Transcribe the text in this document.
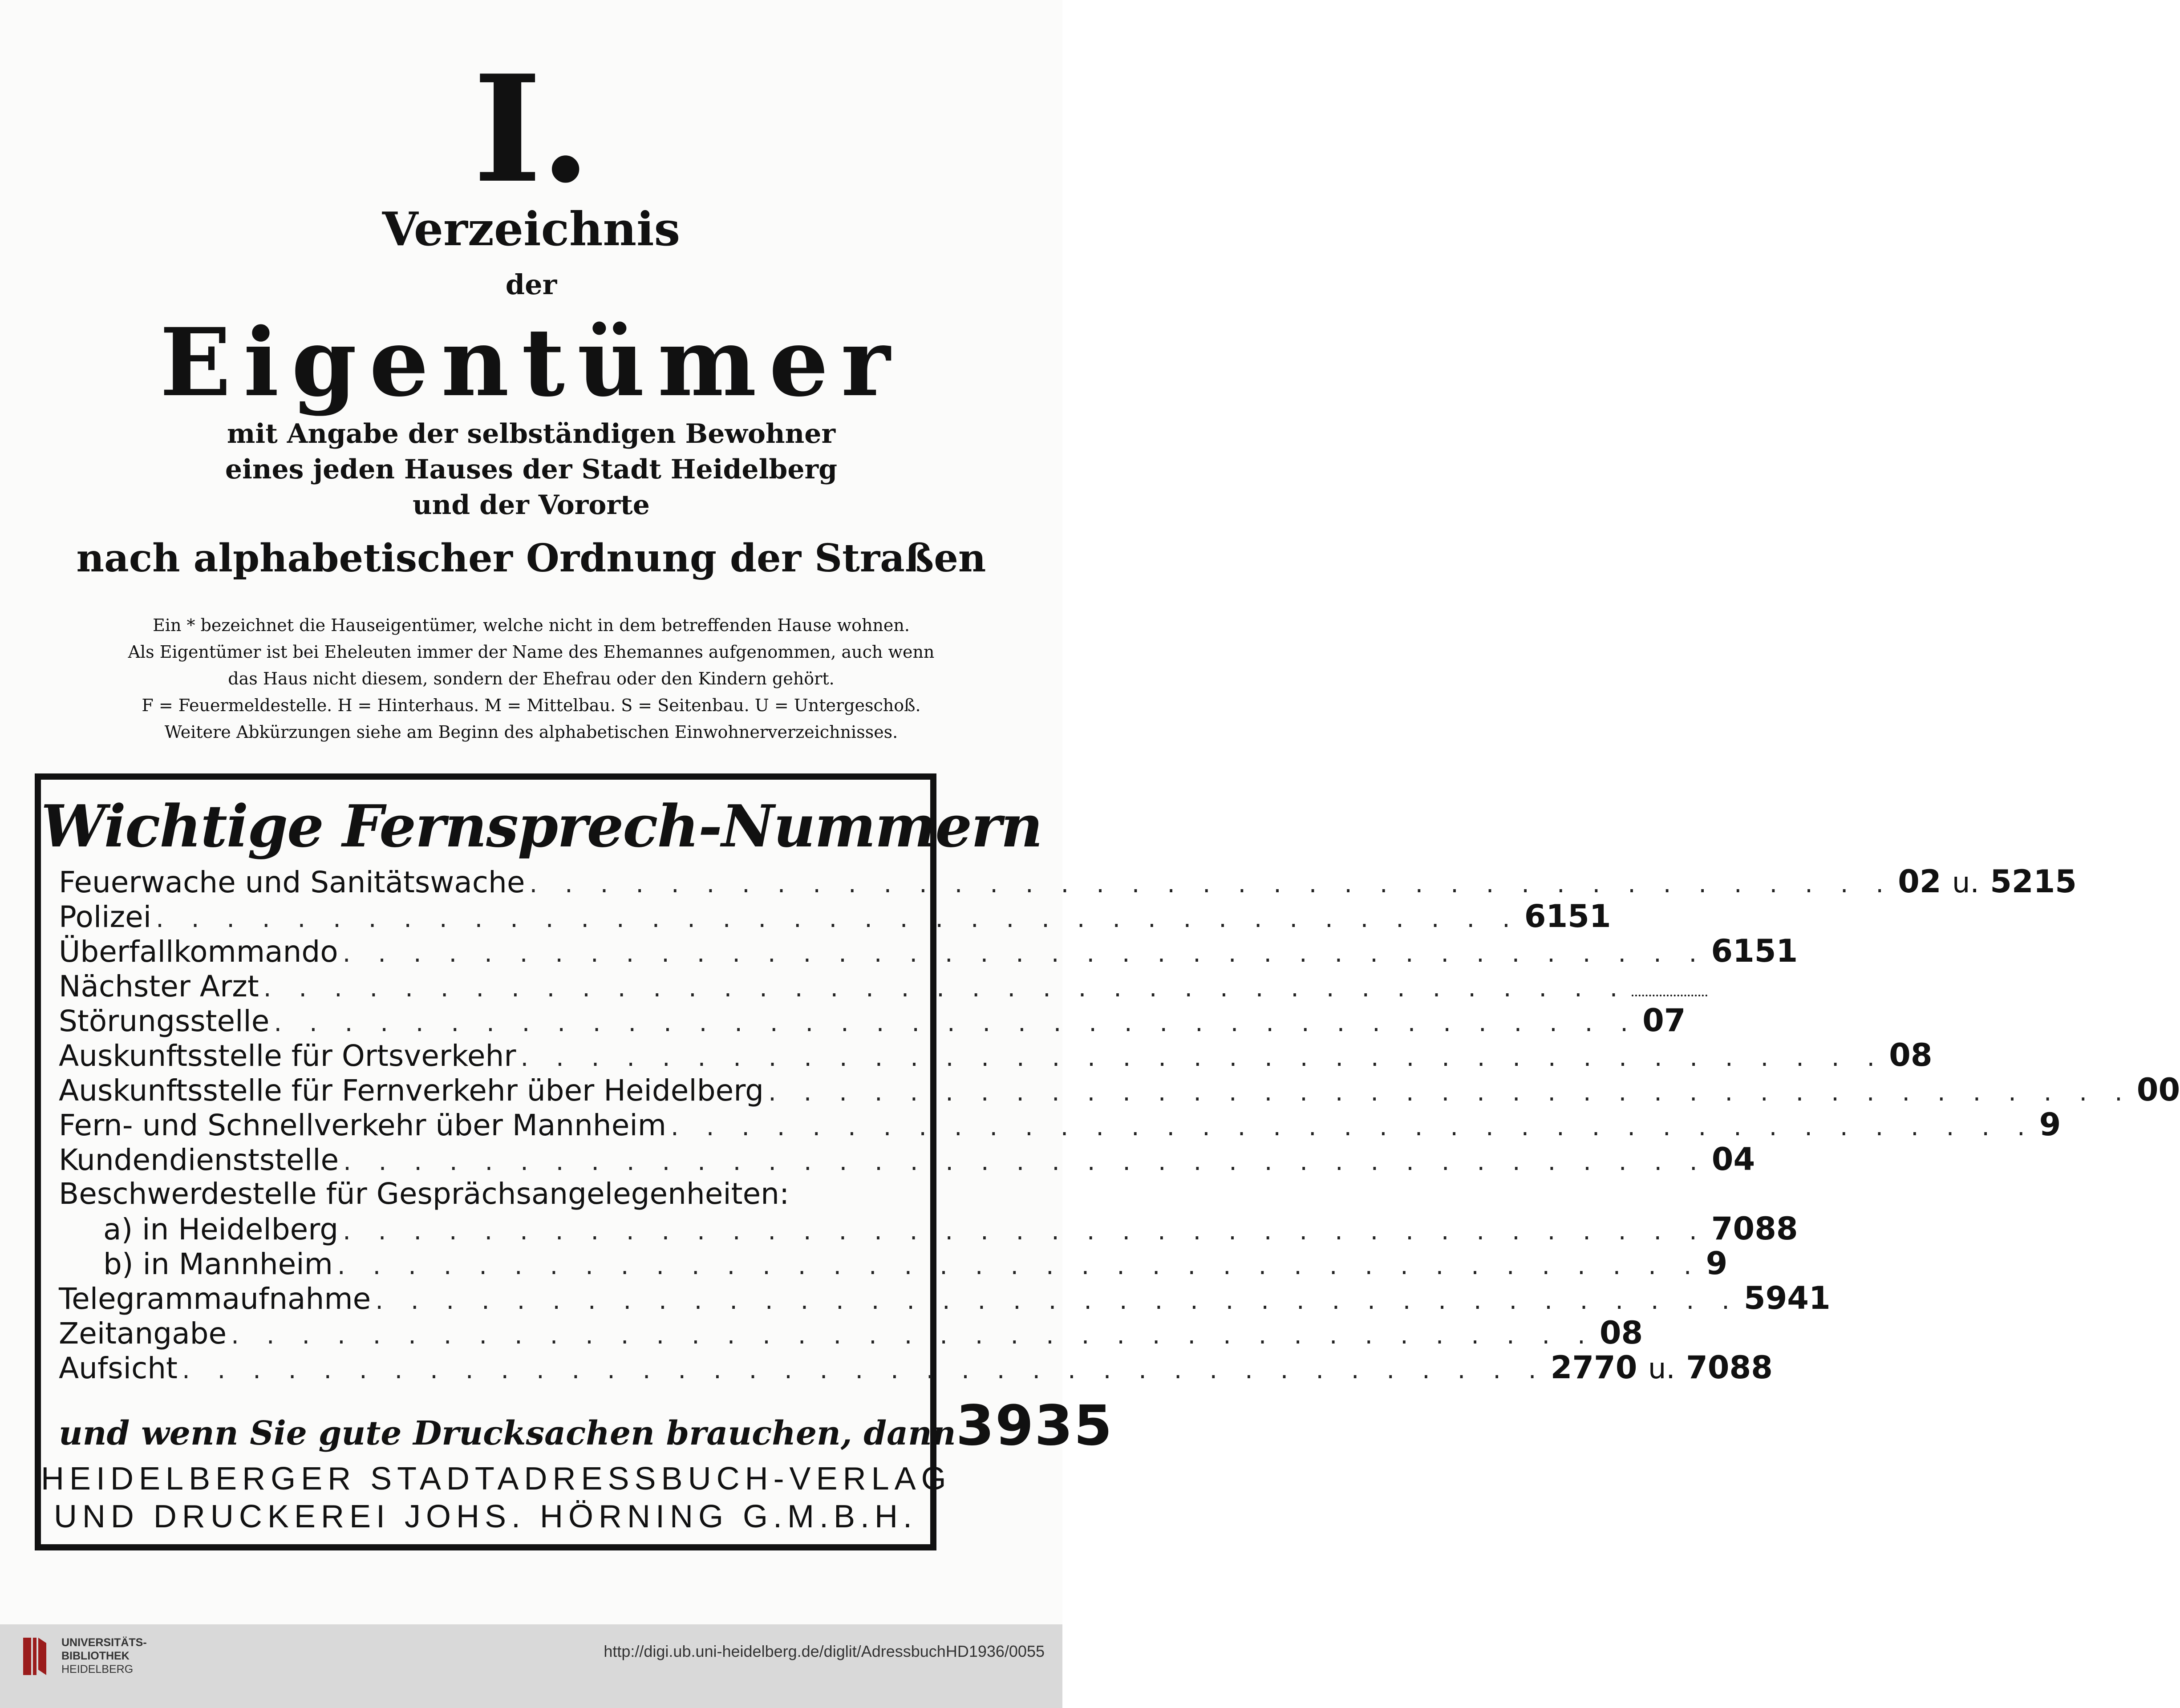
I.
Verzeichnis
der
Eigentümer
mit Angabe der selbständigen Bewohner
eines jeden Hauses der Stadt Heidelberg
und der Vororte
nach alphabetischer Ordnung der Straßen
Ein * bezeichnet die Hauseigentümer, welche nicht in dem betreffenden Hause wohnen.
Als Eigentümer ist bei Eheleuten immer der Name des Ehemannes aufgenommen, auch wenn
das Haus nicht diesem, sondern der Ehefrau oder den Kindern gehört.
F = Feuermeldestelle. H = Hinterhaus. M = Mittelbau. S = Seitenbau. U = Untergeschoß.
Weitere Abkürzungen siehe am Beginn des alphabetischen Einwohnerverzeichnisses.
Wichtige Fernsprech-Nummern
Feuerwache und Sanitätswache . . . . . . . . . . . . . . . . . . . . . . . . . . . . . . . . . . . . . . . 02 u. 5215
Polizei . . . . . . . . . . . . . . . . . . . . . . . . . . . . . . . . . . . . . . . 6151
Überfallkommando . . . . . . . . . . . . . . . . . . . . . . . . . . . . . . . . . . . . . . . 6151
Nächster Arzt . . . . . . . . . . . . . . . . . . . . . . . . . . . . . . . . . . . . . . .
Störungsstelle . . . . . . . . . . . . . . . . . . . . . . . . . . . . . . . . . . . . . . . 07
Auskunftsstelle für Ortsverkehr . . . . . . . . . . . . . . . . . . . . . . . . . . . . . . . . . . . . . . . 08
Auskunftsstelle für Fernverkehr über Heidelberg . . . . . . . . . . . . . . . . . . . . . . . . . . . . . . . . . . . . . . . 00
Fern- und Schnellverkehr über Mannheim . . . . . . . . . . . . . . . . . . . . . . . . . . . . . . . . . . . . . . . 9
Kundendienststelle . . . . . . . . . . . . . . . . . . . . . . . . . . . . . . . . . . . . . . . 04
Beschwerdestelle für Gesprächsangelegenheiten:
a) in Heidelberg . . . . . . . . . . . . . . . . . . . . . . . . . . . . . . . . . . . . . . . 7088
b) in Mannheim . . . . . . . . . . . . . . . . . . . . . . . . . . . . . . . . . . . . . . . 9
Telegrammaufnahme . . . . . . . . . . . . . . . . . . . . . . . . . . . . . . . . . . . . . . . 5941
Zeitangabe . . . . . . . . . . . . . . . . . . . . . . . . . . . . . . . . . . . . . . . 08
Aufsicht . . . . . . . . . . . . . . . . . . . . . . . . . . . . . . . . . . . . . . . 2770 u. 7088
und wenn Sie gute Drucksachen brauchen, dann 3935
HEIDELBERGER STADTADRESSBUCH-VERLAG
UND DRUCKEREI JOHS. HÖRNING G.M.B.H.
UNIVERSITÄTS-
BIBLIOTHEK
HEIDELBERG
http://digi.ub.uni-heidelberg.de/diglit/AdressbuchHD1936/0055
